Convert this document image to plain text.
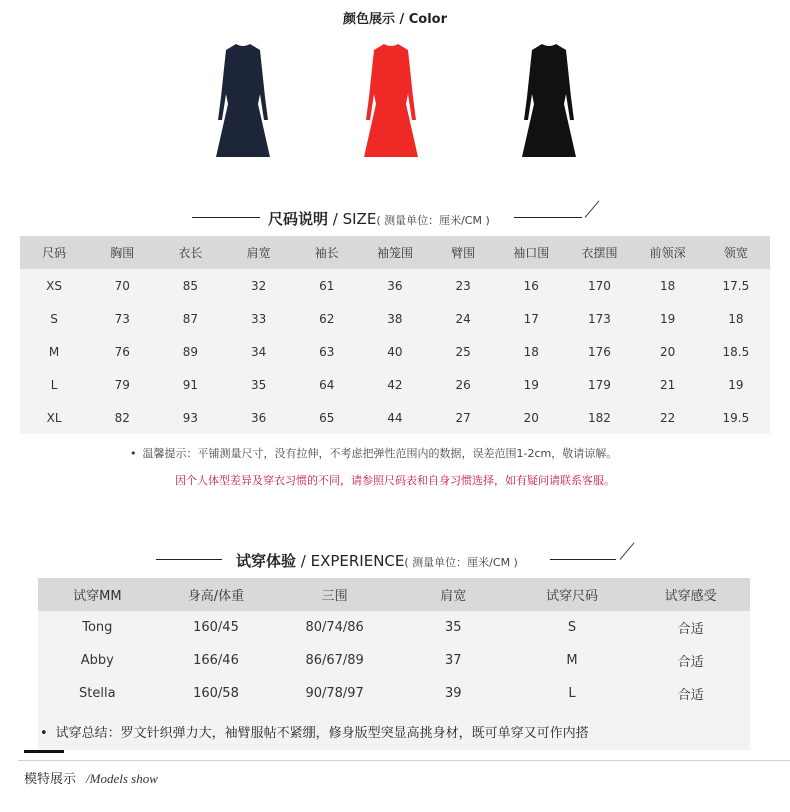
颜色展示 / Color
尺码说明 / SIZE( 测量单位：厘米/CM )
尺码	胸围	衣长	肩宽	袖长	袖笼围	臂围	袖口围	衣摆围	前领深	领宽
XS	70	85	32	61	36	23	16	170	18	17.5
S	73	87	33	62	38	24	17	173	19	18
M	76	89	34	63	40	25	18	176	20	18.5
L	79	91	35	64	42	26	19	179	21	19
XL	82	93	36	65	44	27	20	182	22	19.5
• 温馨提示：平铺测量尺寸，没有拉伸，不考虑把弹性范围内的数据，误差范围1-2cm，敬请谅解。
因个人体型差异及穿衣习惯的不同，请参照尺码表和自身习惯选择，如有疑问请联系客服。
试穿体验 / EXPERIENCE( 测量单位：厘米/CM )
试穿MM	身高/体重	三围	肩宽	试穿尺码	试穿感受
Tong	160/45	80/74/86	35	S	合适
Abby	166/46	86/67/89	37	M	合适
Stella	160/58	90/78/97	39	L	合适
• 试穿总结：罗文针织弹力大，袖臂服帖不紧绷，修身版型突显高挑身材，既可单穿又可作内搭
模特展示 /Models show
